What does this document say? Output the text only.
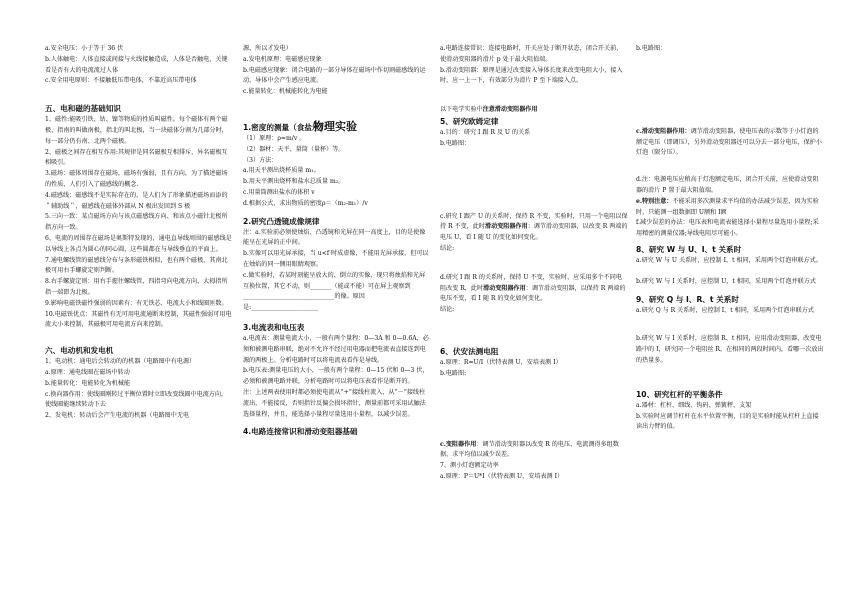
a.安全电压：小于等于 36 伏

b.人体触电：人体直接或间接与火线接触造成，人体是否触电，关键看是否有大的电流流过人体

c.安全用电原则：不接触低压带电体，不靠近高压带电体

五、电和磁的基础知识

1、磁性:能吸引铁、钴、镍等物质的性质叫磁性。每个磁体有两个磁极，指南的叫做南极，指北的叫北极，当一块磁体分割为几部分时，每一部分仍有南、北两个磁极。

2、磁极之间存在相互作用:其规律是同名磁极互相排斥，异名磁极互相吸引。

3.磁场：磁体周围存在磁场，磁场有强弱，且有方向，为了描述磁场的性质，人们引入了磁感线的概念.

4.磁感线：磁感线不是实际存在的，是人们为了形象描述磁场而添的＂辅助线＂，磁感线在磁体外部从 N 极出发回到 S 极

5.三向一致：某点磁场方向与该点磁感线方向、和该点小磁针北极所指方向一致。

6、电流的周围存在磁场是奥斯特发现的，通电直导线周围的磁感线是以导线上各点为圆心的同心圆，这些圆都在与导线垂直的平面上。

7.通电螺线管的磁感线分布与条形磁铁相似，也有两个磁极，其南北极可用右手螺旋定则判断。

8.右手螺旋定则：用右手握住螺线管，四指弯向电流方向，大拇指所指一端即为北极。

9.影响电磁铁磁性强弱的因素有：有无铁芯、电流大小和线圈匝数。

10.电磁铁优点：其磁性有无可用电流通断来控制，其磁性强弱可用电流大小来控制，其磁极可用电流方向来控制。

六、电动机和发电机

1、电动机：通电后会转动的的机器（电路图中有电源）

a.原理：通电线圈在磁场中转动

b.能量转化：电能转化为机械能

c.换向器作用：使线圈刚转过平衡位置时立即改变线圈中电流方向，使线圈能继续转动下去

2、发电机：转动后会产生电流的机器（电路图中无电

源，所以才发电）

a.发电机原理：电磁感应现象

b.电磁感应现象：闭合电路的一部分导体在磁场中作切割磁感线的运动，导体中会产生感应电流。

c.能量转化：机械能转化为电能

1.密度的测量（食盐水）：

（1）原理：ρ=m/v 。

（2）器材：天平、量筒（量杯）等。

（3）方法：

a.用天平测出烧杯质量 m₁。

b.用天平测出烧杯和盐水总质量 m₂。

c.用量筒测出盐水的体积 v

d.根据公式，求出物质的密度ρ＝（m₂-m₁）/v

2.研究凸透镜成像规律

注：a.实验前必须使烛焰、凸透镜和光屏在同一高度上，目的是使像能呈在光屏的正中间。

b.实像可以用光屏承接，当 u<f 时成虚像，不能用光屏承接，但可以在烛焰的同一侧用眼睛观察。

c.做实验时，若某时刻能呈放大的、倒立的实像，现只将烛焰和光屏互换位置，其它不动，则_______（能或不能）可在屏上观察到______________________________的像。原因是:______________________

3.电流表和电压表

a.电流表：测量电流大小，一般有两个量程：0—3A 和 0—0.6A，必须和被测电路串联，绝对不允许不经过用电器而把电流表直接连到电源的两极上。分析电路时可以将电流表看作是导线。

b.电压表:测量电压的大小，一般有两个量程：0—15 伏和 0—3 伏，必须和被测电路并联，分析电路时可以将电压表看作是断开的。

注：上述两表使用时都必须使电流从“+”接线柱流入，从“－”接线柱流出，不能接反，否则指针反偏会损坏指针，测量前都可采用试触法选择量程，并且，能选择小量程尽量选用小量程，以减少误差。

4.电路连接常识和滑动变阻器基础

物理实验

a.电路连接常识：连接电路时，开关应处于断开状态，闭合开关前，使滑动变阻器的滑片 p 处于最大阻值端。

b.滑动变阻器：原理是通过改变接入导体长度来改变电阻大小，接入时，应一上一下，有效部分为滑片 P 至下端接入点。

以下电学实验中注意滑动变阻器作用

5、研究欧姆定律

a.目的：研究 I 跟 R 及 U 的关系

b.电路图：

c.研究 I 跟产 U 的关系时，保持 R 不变，实验时，只用一个电阻以保持 R 不变，此时滑动变阻器作用：调节滑动变阻器，以改变 R 两端的电压 U，看 I 随 U 的变化如何变化。

结论:

d.研究 I 跟 R 的关系时，保持 U 不变，实验时，应采用多个不同电阻改变 R，此时滑动变阻器作用：调节滑动变阻器，以保持 R 两端的电压不变，看 I 随 R 的变化如何变化。

结论:

6、伏安法测电阻

a.原理：R=U/I（伏特表测 U，安培表测 I）

b.电路图:

c.变阻器作用：调节滑动变阻器以改变 R 的电压、电流测得多组数据，求平均值以减少误差。

7、测小灯泡额定功率

a.原理：P＝U*I（伏特表测 U，安培表测 I）

b.电路图：

c.滑动变阻器作用：调节滑动变阻器，使电压表的示数等于小灯泡的额定电压（即调压），另外滑动变阻器还可以分去一部分电压，保护小灯泡（限分压）。

d.注：电源电压应稍高于灯泡额定电压，闭合开关前，应使滑动变阻器的滑片 P 置于最大阻值端。

e.特别注意：不能采用多次测量求平均值的办法减少误差，因为实验时，只能测一组数据即 U额和 I额

f.减少误差的办法：电压表和电流表能选择小量程尽量选用小量程;采用精密的测量仪器;导线电阻尽可能小。

8、研究 W 与 U、I、t 关系时

a.研究 W 与 U 关系时，应控制 I、t 相同，采用两个灯泡串联方式。

b.研究 W 与 I 关系时，应控制 U、t 相同，采用两个灯泡并联方式

9、研究 Q 与 I、R、t 关系时

a.研究 Q 与 R 关系时，应控制 I、t 相同，采用两个灯泡串联方式

b.研究 W 与 I 关系时，应控制 R、t 相同，应用滑动变阻器，改变电路中的 I，研究同一个电阻丝 R，在相同的两段时间内，看哪一次放出的热量多。

10、研究杠杆的平衡条件

a.器材：杠杆、细线、钩码、弹簧秤、支架

b.实验时应调节杠杆在水平位置平衡，目的是实验时能从杠杆上直接读出力臂的值。
